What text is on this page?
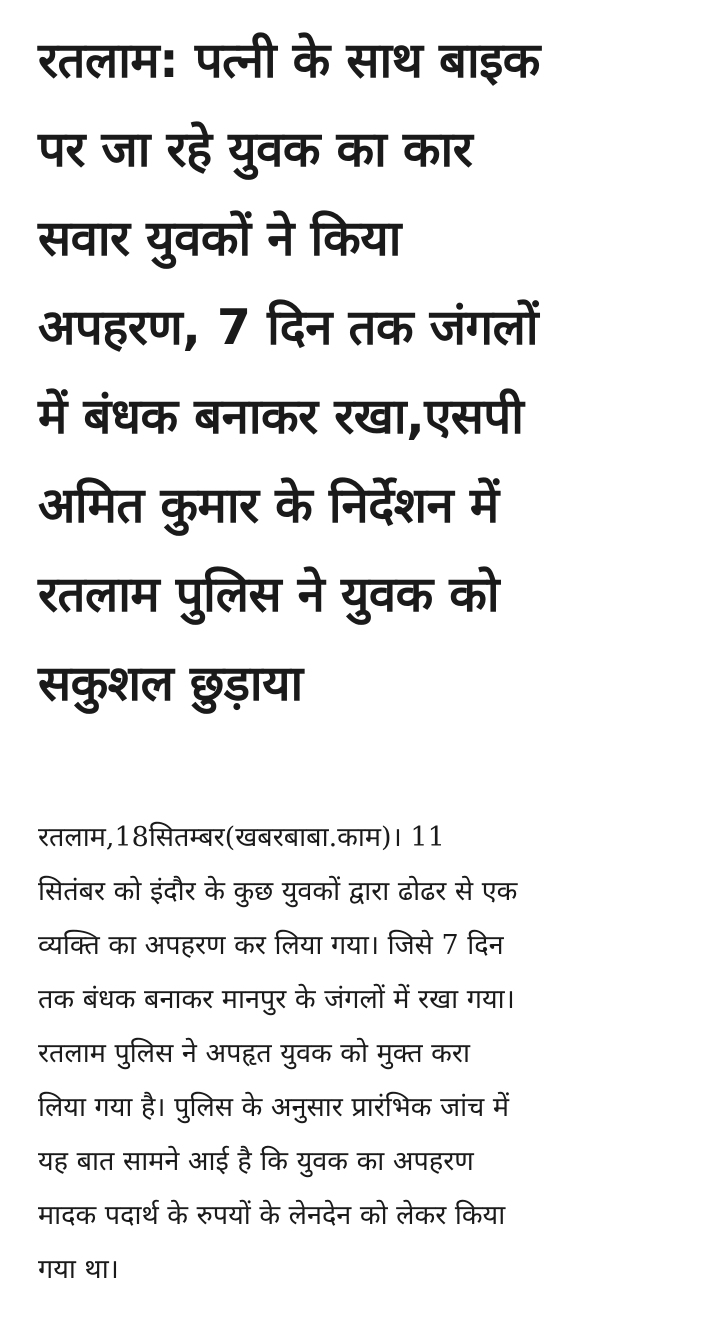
रतलाम: पत्नी के साथ बाइक
पर जा रहे युवक का कार
सवार युवकों ने किया
अपहरण, 7 दिन तक जंगलों
में बंधक बनाकर रखा,एसपी
अमित कुमार के निर्देशन में
रतलाम पुलिस ने युवक को
सकुशल छुड़ाया

रतलाम,18सितम्बर(खबरबाबा.काम)। 11
सितंबर को इंदौर के कुछ युवकों द्वारा ढोढर से एक
व्यक्ति का अपहरण कर लिया गया। जिसे 7 दिन
तक बंधक बनाकर मानपुर के जंगलों में रखा गया।
रतलाम पुलिस ने अपहृत युवक को मुक्त करा
लिया गया है। पुलिस के अनुसार प्रारंभिक जांच में
यह बात सामने आई है कि युवक का अपहरण
मादक पदार्थ के रुपयों के लेनदेन को लेकर किया
गया था।
